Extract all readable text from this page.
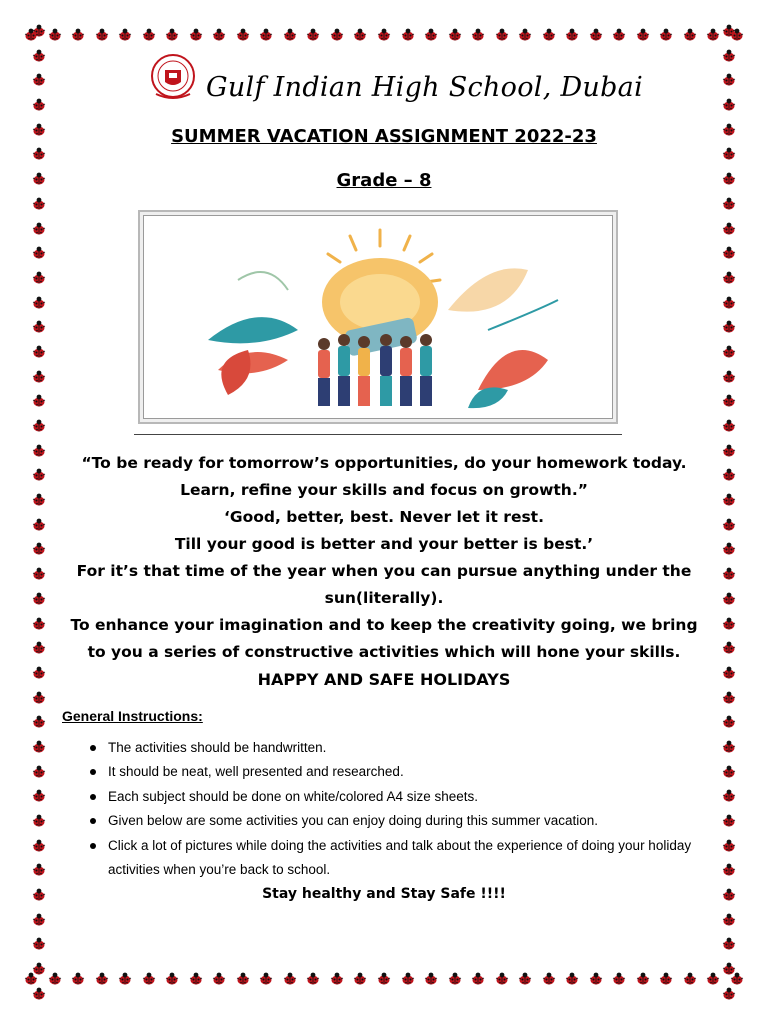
Gulf Indian High School, Dubai
SUMMER VACATION ASSIGNMENT 2022-23
Grade – 8

“To be ready for tomorrow’s opportunities, do your homework today.

Learn, refine your skills and focus on growth.”

‘Good, better, best. Never let it rest.

Till your good is better and your better is best.’

For it’s that time of the year when you can pursue anything under the

sun(literally).

To enhance your imagination and to keep the creativity going, we bring

to you a series of constructive activities which will hone your skills.

HAPPY AND SAFE HOLIDAYS

General Instructions:
The activities should be handwritten.
It should be neat, well presented and researched.
Each subject should be done on white/colored A4 size sheets.
Given below are some activities you can enjoy doing during this summer vacation.
Click a lot of pictures while doing the activities and talk about the experience of doing your holiday activities when you’re back to school.
Stay healthy and Stay Safe !!!!
